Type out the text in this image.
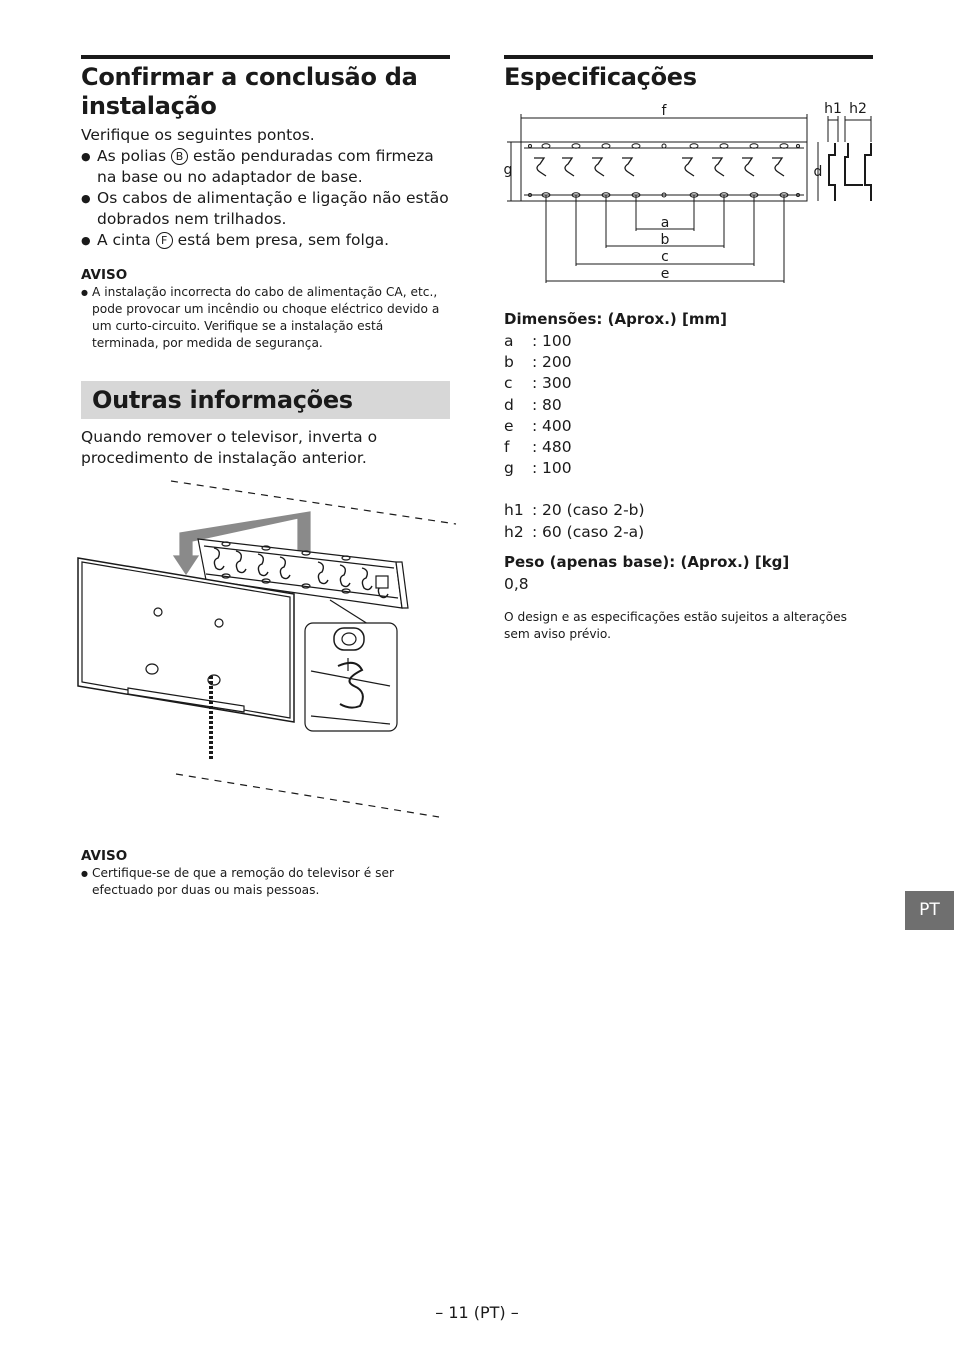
Confirmar a conclusão da
instalação
Verifique os seguintes pontos.
● As polias B estão penduradas com firmeza na base ou no adaptador de base.
● Os cabos de alimentação e ligação não estão dobrados nem trilhados.
● A cinta F está bem presa, sem folga.
AVISO
● A instalação incorrecta do cabo de alimentação CA, etc., pode provocar um incêndio ou choque eléctrico devido a um curto-circuito. Verifique se a instalação está terminada, por medida de segurança.
Outras informações
Quando remover o televisor, inverta o procedimento de instalação anterior.
AVISO
● Certifique-se de que a remoção do televisor é ser efectuado por duas ou mais pessoas.
Especificações
f	h1 h2
g	d
a
b
c
e
Dimensões: (Aprox.) [mm]
a	: 100
b	: 200
c	: 300
d	: 80
e	: 400
f	: 480
g	: 100
h1 : 20 (caso 2-b)
h2 : 60 (caso 2-a)
Peso (apenas base): (Aprox.) [kg]
0,8
O design e as especificações estão sujeitos a alterações sem aviso prévio.
PT
– 11 (PT) –
